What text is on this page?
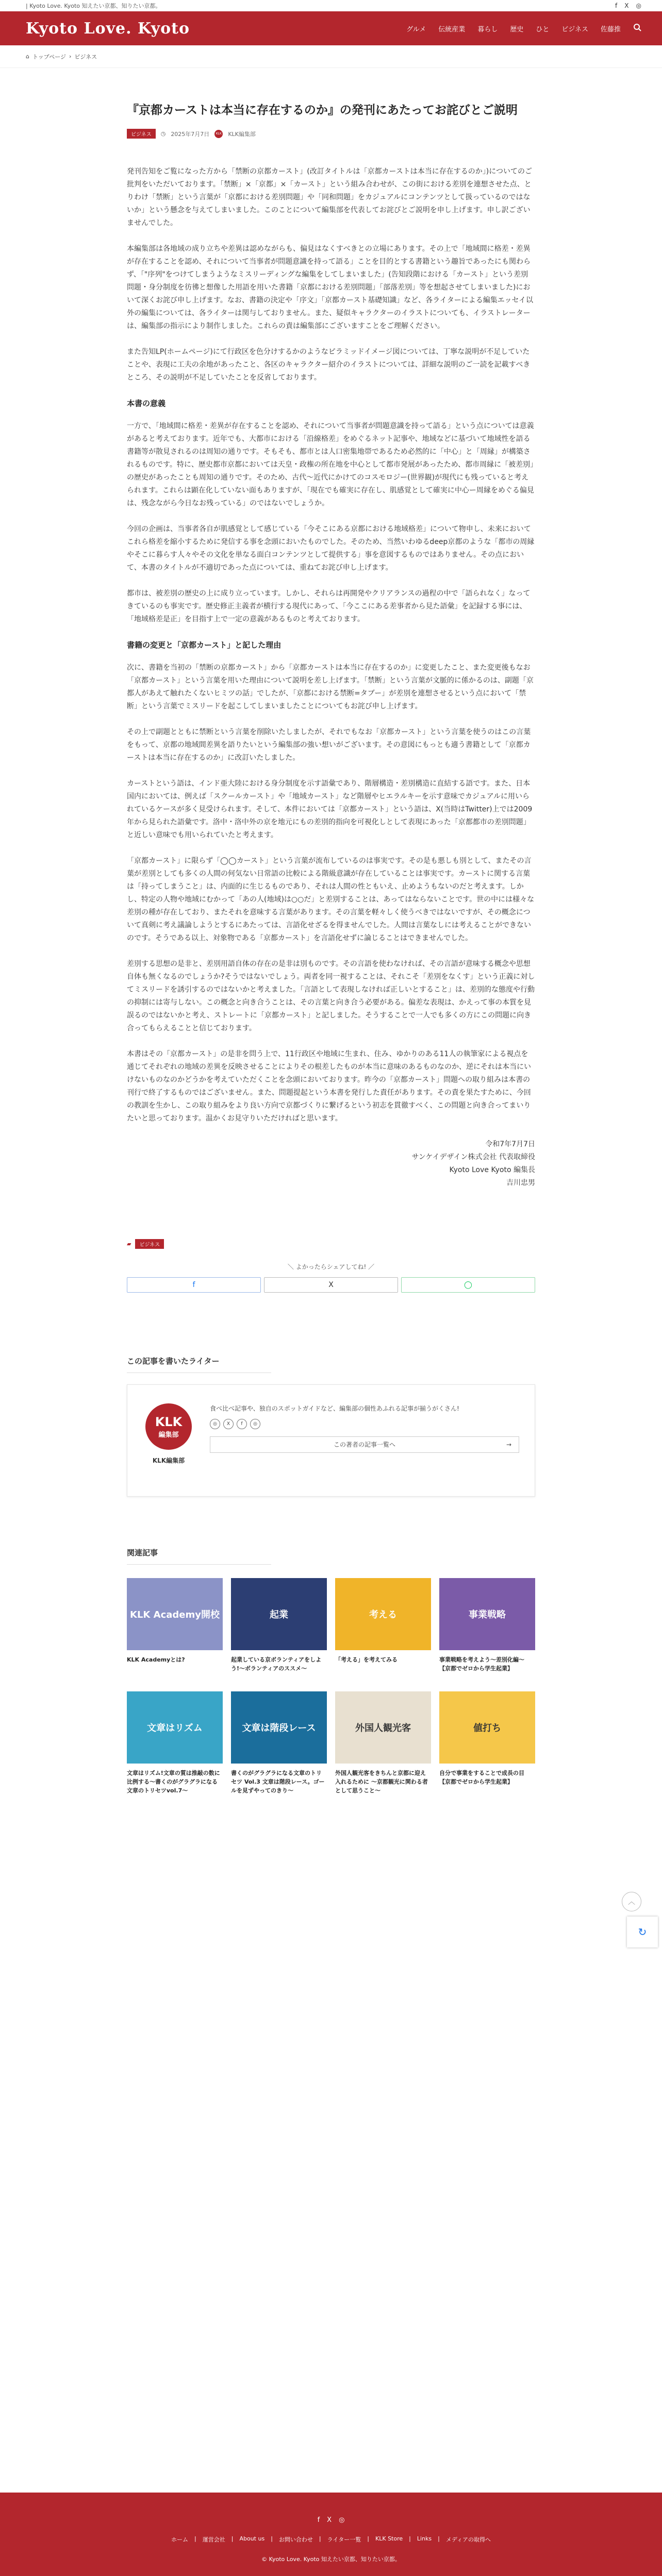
| Kyoto Love. Kyoto 知えたい京都、知りたい京都。	f X ◎
Kyoto Love. Kyoto	グルメ 伝統産業 暮らし 歴史 ひと ビジネス 佐藤推
⌂ トップページ › ビジネス
『京都カーストは本当に存在するのか』の発刊にあたってお詫びとご説明
ビジネス	◷ 2025年7月7日	KLK KLK編集部

発刊告知をご覧になった方から「禁断の京都カースト」(改訂タイトルは「京都カーストは本当に存在するのか」)についてのご批判をいただいております。「禁断」×「京都」×「カースト」という組み合わせが、この街における差別を連想させた点、とりわけ「禁断」という言葉が「京都における差別問題」や「同和問題」をカジュアルにコンテンツとして扱っているのではないか」という懸念を与えてしまいました。このことについて編集部を代表してお詫びとご説明を申し上げます。申し訳ございませんでした。

本編集部は各地域の成り立ちや差異は認めながらも、偏見はなくすべきとの立場にあります。その上で「地域間に格差・差異が存在することを認め、それについて当事者が問題意識を持って語る」ことを目的とする書籍という趣旨であったにも関わらず、「"序列"をつけてしまうようなミスリーディングな編集をしてしまいました」(告知段階における「カースト」という差別問題・身分制度を彷彿と想像した用語を用いた書籍「京都における差別問題」「部落差別」等を想起させてしまいました)において深くお詫び申し上げます。なお、書籍の決定や「序文」「京都カースト基礎知識」など、各ライターによる編集エッセイ以外の編集については、各ライターは関与しておりません。また、疑似キャラクターのイラストについても、イラストレーターは、編集部の指示により制作しました。これらの責は編集部にございますことをご理解ください。

また告知LP(ホームページ)にて行政区を色分けするかのようなピラミッドイメージ図については、丁寧な説明が不足していたことや、表現に工夫の余地があったこと、各区のキャラクター紹介のイラストについては、詳細な説明のご一読を記載すべきところ、その説明が不足していたことを反省しております。

本書の意義

一方で、「地域間に格差・差異が存在することを認め、それについて当事者が問題意識を持って語る」という点については意義があると考えております。近年でも、大都市における「沿線格差」をめぐるネット記事や、地域などに基づいて地域性を語る書籍等が散見されるのは周知の通りです。そもそも、都市とは人口密集地帯であるため必然的に「中心」と「周縁」が構築されるものです。特に、歴史都市京都においては天皇・政権の所在地を中心として都市発展があったため、都市周縁に「被差別」の歴史があったことも周知の通りです。そのため、古代〜近代にかけてのコスモロジー(世界観)が現代にも残っていると考えられます。これらは顕在化していない面もありますが、「現在でも確実に存在し、肌感覚として確実に中心ー周縁をめぐる偏見は、残念ながら今日なお残っている」のではないでしょうか。

今回の企画は、当事者各自が肌感覚として感じている「今そこにある京都における地域格差」について物申し、未来においてこれら格差を縮小するために発信する事を念頭においたものでした。そのため、当然いわゆるdeep京都のような「都市の周縁やそこに暮らす人々やその文化を単なる面白コンテンツとして提供する」事を意図するものではありません。その点において、本書のタイトルが不適切であった点については、重ねてお詫び申し上げます。

都市は、被差別の歴史の上に成り立っています。しかし、それらは再開発やクリアランスの過程の中で「語られなく」なってきているのも事実です。歴史修正主義者が横行する現代にあって、「今ここにある差事者から見た語彙」を記録する事には、「地域格差是正」を目指す上で一定の意義があるものと考えております。

書籍の変更と「京都カースト」と記した理由

次に、書籍を当初の「禁断の京都カースト」から「京都カーストは本当に存在するのか」に変更したこと、また変更後もなお「京都カースト」という言葉を用いた理由について説明を差し上げます。「禁断」という言葉が文脈的に係かるのは、副題「京都人があえて触れたくないヒミツの話」でしたが、「京都における禁断=タブー」が差別を連想させるという点において「禁断」という言葉でミスリードを起こしてしまいましたことについてもお詫び申し上げます。

その上で副題とともに禁断という言葉を削除いたしましたが、それでもなお「京都カースト」という言葉を使うのはこの言葉をもって、京都の地域間差異を語りたいという編集部の強い想いがございます。その意図にもっとも適う書籍として「京都カーストは本当に存在するのか」に改訂いたしました。

カーストという語は、インド亜大陸における身分制度を示す語彙であり、階層構造・差別構造に直結する語です。また、日本国内においては、例えば「スクールカースト」や「地域カースト」など階層やヒエラルキーを示す意味でカジュアルに用いられているケースが多く見受けられます。そして、本件においては「京都カースト」という語は、X(当時はTwitter)上では2009年から見られた語彙です。洛中・洛中外の京を地元にもの差別的指向を可視化しとして表現にあった「京都都市の差別問題」と近しい意味でも用いられていたと考えます。

「京都カースト」に限らず「◯◯カースト」という言葉が流布しているのは事実です。その是も悪しも別として、またその言葉が差別としても多くの人間の何気ない日常語の比較による階級意識が存在していることは事実です。カーストに関する言葉は「持ってしまうこと」は、内面的に生じるものであり、それは人間の性ともいえ、止めようもないのだと考えます。しかし、特定の人物や地域にむかって「あの人(地域)は○○だ」と差別することは、あってはならないことです。世の中には様々な差別の種が存在しており、またそれを意味する言葉があります。その言葉を軽々しく使うべきではないですが、その概念について真剣に考え議論しようとするにあたっては、言語化せざるを得ませんでした。人間は言葉なしには考えることができないのです。そうである以上、対象物である「京都カースト」を言語化せずに論じることはできませんでした。

差別する思想の是非と、差別用語自体の存在の是非は別ものです。その言語を使わなければ、その言語が意味する概念や思想自体も無くなるのでしょうか?そうではないでしょう。両者を同一視することは、それこそ「差別をなくす」という正義に対してミスリードを誘引するのではないかと考えました。「言語として表現しなければ正しいとすること」は、差別的な態度や行動の抑制には寄与しない。この概念と向き合うことは、その言葉と向き合う必要がある。偏差な表現は、かえって事の本質を見誤るのではないかと考え、ストレートに「京都カースト」と記しました。そうすることで一人でも多くの方にこの問題に向き合ってもらえることと信じております。

本書はその「京都カースト」の是非を問う上で、11行政区や地域に生まれ、住み、ゆかりのある11人の執筆家による視点を通じてそれぞれの地域の差異を反映させることによりその根差したものが本当に意味のあるものなのか、逆にそれは本当にいけないものなのかどうかを考えていただくことを念頭においております。昨今の「京都カースト」問題への取り組みは本書の刊行で終了するものではございません。また、問題提起という本書を発行した責任があります。その責を果たすために、今回の教訓を生かし、この取り組みをより良い方向で京都づくりに繋げるという初志を貫徹すべく、この問題と向き合ってまいりたいと思っております。温かくお見守りいただければと思います。

令和7年7月7日
サンケイデザイン株式会社 代表取締役
Kyoto Love Kyoto 編集長
吉川忠男
▰	ビジネス
＼ よかったらシェアしてね! ／
f	X	◯
この記事を書いたライター
KLK
編集部
KLK編集部
食べ比べ記事や、独自のスポットガイドなど、編集部の個性あふれる記事が揃うがくさん!
◎	X	f	◎
この著者の記事一覧へ	→
関連記事
KLK Academy開校
KLK Academyとは?
起業
起業している京ボランティアをしよう!〜ボランティアのススメ〜
考える
「考える」を考えてみる
事業戦略
事業戦略を考えよう〜差別化編〜【京都でゼロから学生起業】
文章はリズム
文章はリズム!文章の質は推敲の数に比例する〜書くのがグラグラになる文章のトリセツvol.7〜
文章は階段レース
書くのがグラグラになる文章のトリセツ Vol.3 文章は階段レース。ゴールを見ずやってのきり〜
外国人観光客
外国人観光客をきちんと京都に迎え入れるために 〜京都観光に関わる者として思うこと〜
値打ち
自分で事業をすることで成長の目【京都でゼロから学生起業】
︿
↻
f X ◎
ホーム | 運営会社 | About us | お問い合わせ | ライター一覧 | KLK Store | Links | メディアの取得へ
© Kyoto Love. Kyoto 知えたい京都、知りたい京都。
